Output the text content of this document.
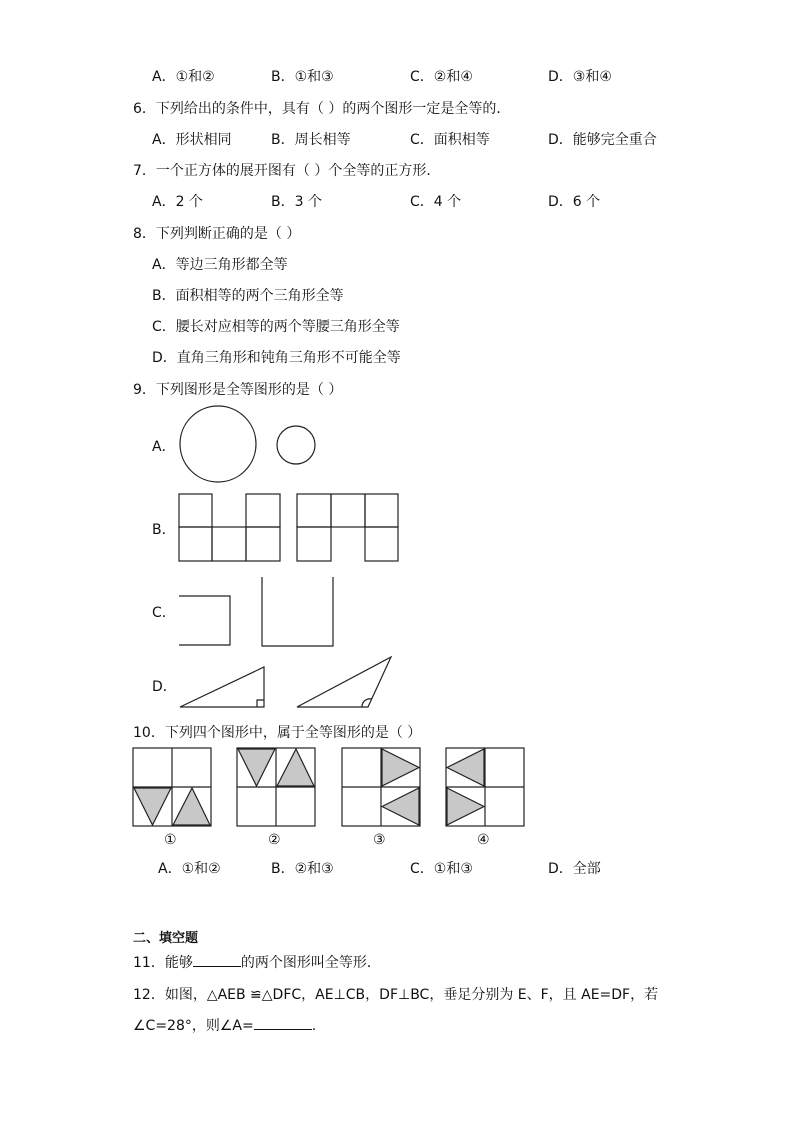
A．①和②	B．①和③	C．②和④	D．③和④
6．下列给出的条件中，具有（ ）的两个图形一定是全等的．
A．形状相同	B．周长相等	C．面积相等	D．能够完全重合
7．一个正方体的展开图有（ ）个全等的正方形．
A．2 个	B．3 个	C．4 个	D．6 个
8．下列判断正确的是（ ）
A．等边三角形都全等
B．面积相等的两个三角形全等
C．腰长对应相等的两个等腰三角形全等
D．直角三角形和钝角三角形不可能全等
9．下列图形是全等图形的是（ ）
A．
B．
C．
D．
10．下列四个图形中，属于全等图形的是（ ）
①	②	③	④
A．①和②	B．②和③	C．①和③	D．全部
二、填空题
11．能够	的两个图形叫全等形．
12．如图，△AEB ≌△DFC，AE⊥CB，DF⊥BC，垂足分别为 E、F，且 AE=DF，若
∠C=28°，则∠A=	.
